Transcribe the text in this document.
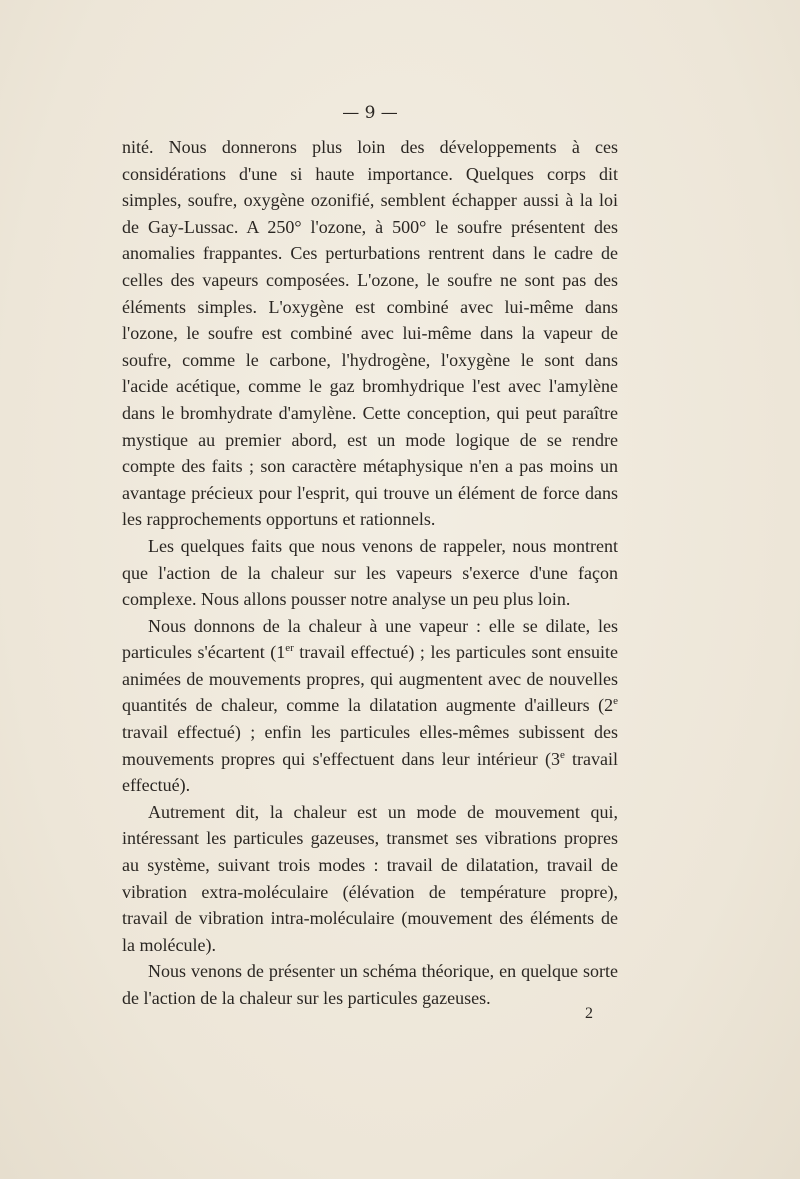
— 9 —

nité. Nous donnerons plus loin des développements à ces considérations d'une si haute importance. Quelques corps dit simples, soufre, oxygène ozonifié, semblent échapper aussi à la loi de Gay-Lussac. A 250° l'ozone, à 500° le soufre présentent des anomalies frappantes. Ces perturbations rentrent dans le cadre de celles des vapeurs composées. L'ozone, le soufre ne sont pas des éléments simples. L'oxygène est combiné avec lui-même dans l'ozone, le soufre est combiné avec lui-même dans la vapeur de soufre, comme le carbone, l'hydrogène, l'oxygène le sont dans l'acide acétique, comme le gaz bromhydrique l'est avec l'amylène dans le bromhydrate d'amylène. Cette conception, qui peut paraître mystique au premier abord, est un mode logique de se rendre compte des faits ; son caractère métaphysique n'en a pas moins un avantage précieux pour l'esprit, qui trouve un élément de force dans les rapprochements opportuns et rationnels.

Les quelques faits que nous venons de rappeler, nous montrent que l'action de la chaleur sur les vapeurs s'exerce d'une façon complexe. Nous allons pousser notre analyse un peu plus loin.

Nous donnons de la chaleur à une vapeur : elle se dilate, les particules s'écartent (1er travail effectué) ; les particules sont ensuite animées de mouvements propres, qui augmentent avec de nouvelles quantités de chaleur, comme la dilatation augmente d'ailleurs (2e travail effectué) ; enfin les particules elles-mêmes subissent des mouvements propres qui s'effectuent dans leur intérieur (3e travail effectué).

Autrement dit, la chaleur est un mode de mouvement qui, intéressant les particules gazeuses, transmet ses vibrations propres au système, suivant trois modes : travail de dilatation, travail de vibration extra-moléculaire (élévation de température propre), travail de vibration intra-moléculaire (mouvement des éléments de la molécule).

Nous venons de présenter un schéma théorique, en quelque sorte de l'action de la chaleur sur les particules gazeuses.

2
